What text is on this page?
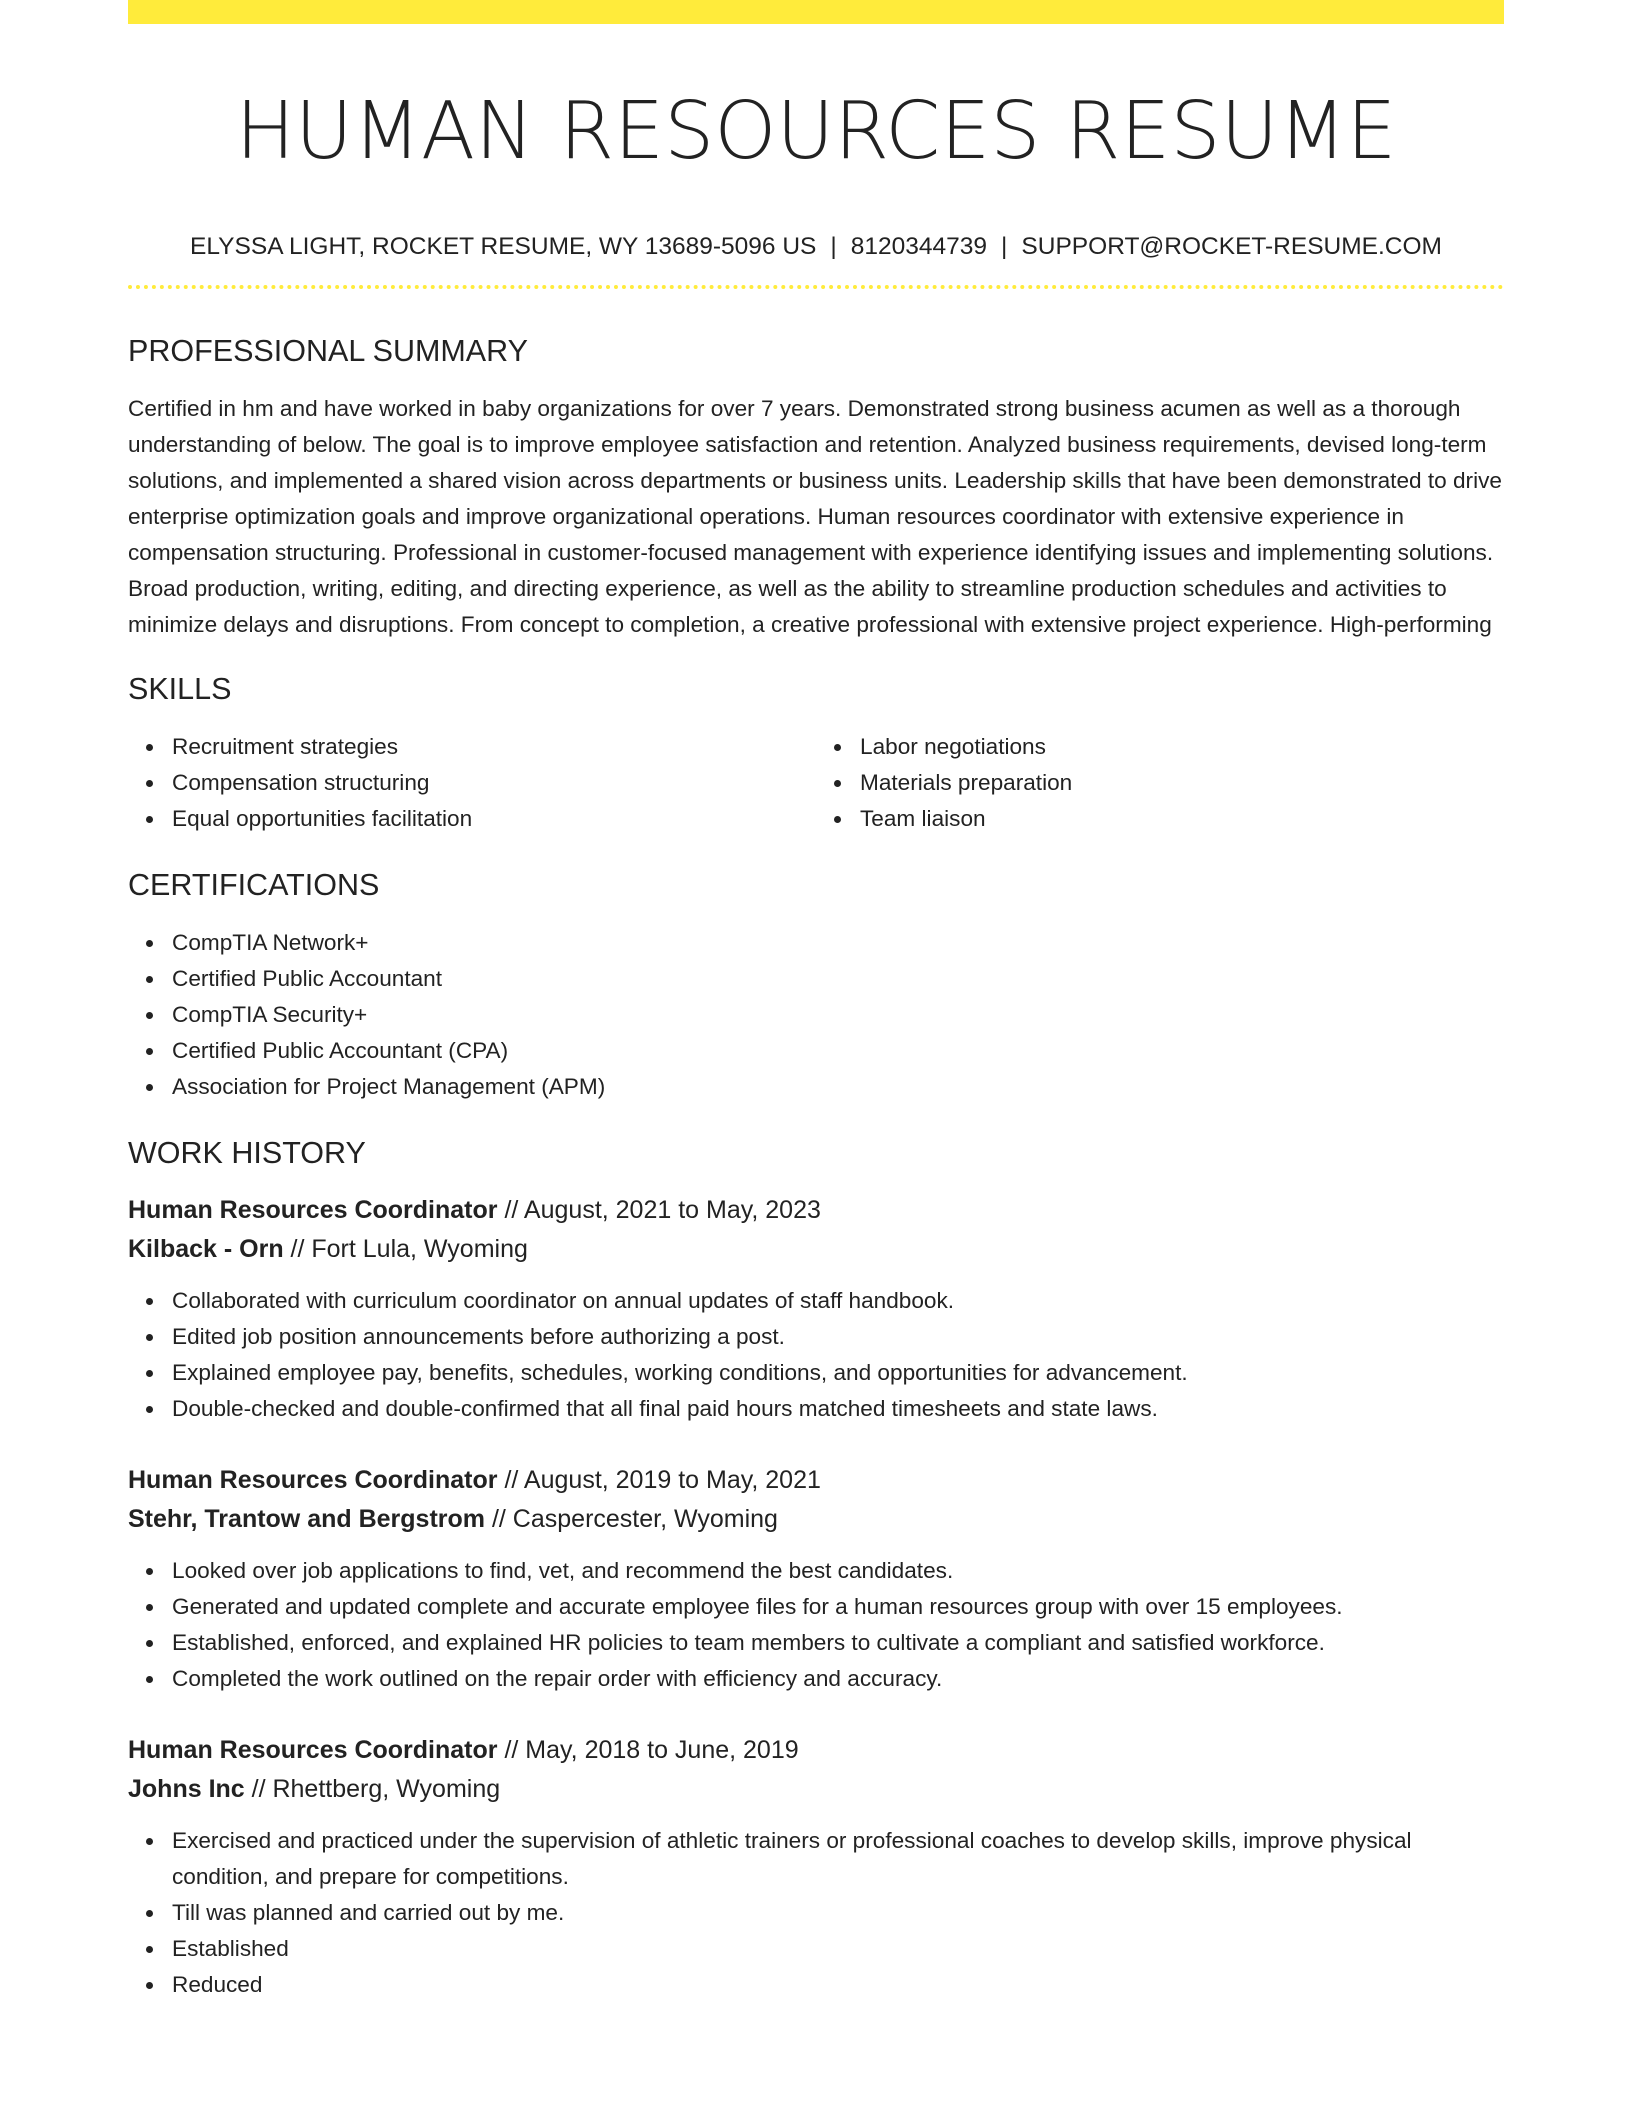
HUMAN RESOURCES RESUME
ELYSSA LIGHT, ROCKET RESUME, WY 13689-5096 US | 8120344739 | SUPPORT@ROCKET-RESUME.COM
PROFESSIONAL SUMMARY

Certified in hm and have worked in baby organizations for over 7 years. Demonstrated strong business acumen as well as a thorough understanding of below. The goal is to improve employee satisfaction and retention. Analyzed business requirements, devised long-term solutions, and implemented a shared vision across departments or business units. Leadership skills that have been demonstrated to drive enterprise optimization goals and improve organizational operations. Human resources coordinator with extensive experience in compensation structuring. Professional in customer-focused management with experience identifying issues and implementing solutions. Broad production, writing, editing, and directing experience, as well as the ability to streamline production schedules and activities to minimize delays and disruptions. From concept to completion, a creative professional with extensive project experience. High-performing

SKILLS
Recruitment strategies
Compensation structuring
Equal opportunities facilitation
Labor negotiations
Materials preparation
Team liaison
CERTIFICATIONS
CompTIA Network+
Certified Public Accountant
CompTIA Security+
Certified Public Accountant (CPA)
Association for Project Management (APM)
WORK HISTORY
Human Resources Coordinator // August, 2021 to May, 2023
Kilback - Orn // Fort Lula, Wyoming
Collaborated with curriculum coordinator on annual updates of staff handbook.
Edited job position announcements before authorizing a post.
Explained employee pay, benefits, schedules, working conditions, and opportunities for advancement.
Double-checked and double-confirmed that all final paid hours matched timesheets and state laws.
Human Resources Coordinator // August, 2019 to May, 2021
Stehr, Trantow and Bergstrom // Caspercester, Wyoming
Looked over job applications to find, vet, and recommend the best candidates.
Generated and updated complete and accurate employee files for a human resources group with over 15 employees.
Established, enforced, and explained HR policies to team members to cultivate a compliant and satisfied workforce.
Completed the work outlined on the repair order with efficiency and accuracy.
Human Resources Coordinator // May, 2018 to June, 2019
Johns Inc // Rhettberg, Wyoming
Exercised and practiced under the supervision of athletic trainers or professional coaches to develop skills, improve physical condition, and prepare for competitions.
Till was planned and carried out by me.
Established
Reduced
